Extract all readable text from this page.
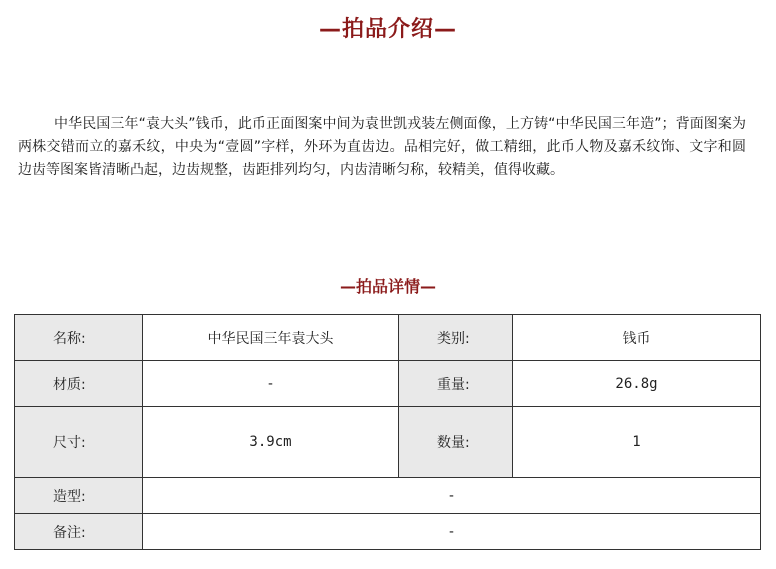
—拍品介绍—

中华民国三年“袁大头”钱币，此币正面图案中间为袁世凯戎装左侧面像，上方铸“中华民国三年造”；背面图案为两株交错而立的嘉禾纹，中央为“壹圆”字样，外环为直齿边。品相完好，做工精细，此币人物及嘉禾纹饰、文字和圆边齿等图案皆清晰凸起，边齿规整，齿距排列均匀，内齿清晰匀称，较精美，值得收藏。

—拍品详情—
名称:	中华民国三年袁大头	类别:	钱币
材质:	-	重量:	26.8g
尺寸:	3.9cm	数量:	1
造型:	-		
备注:	-		
